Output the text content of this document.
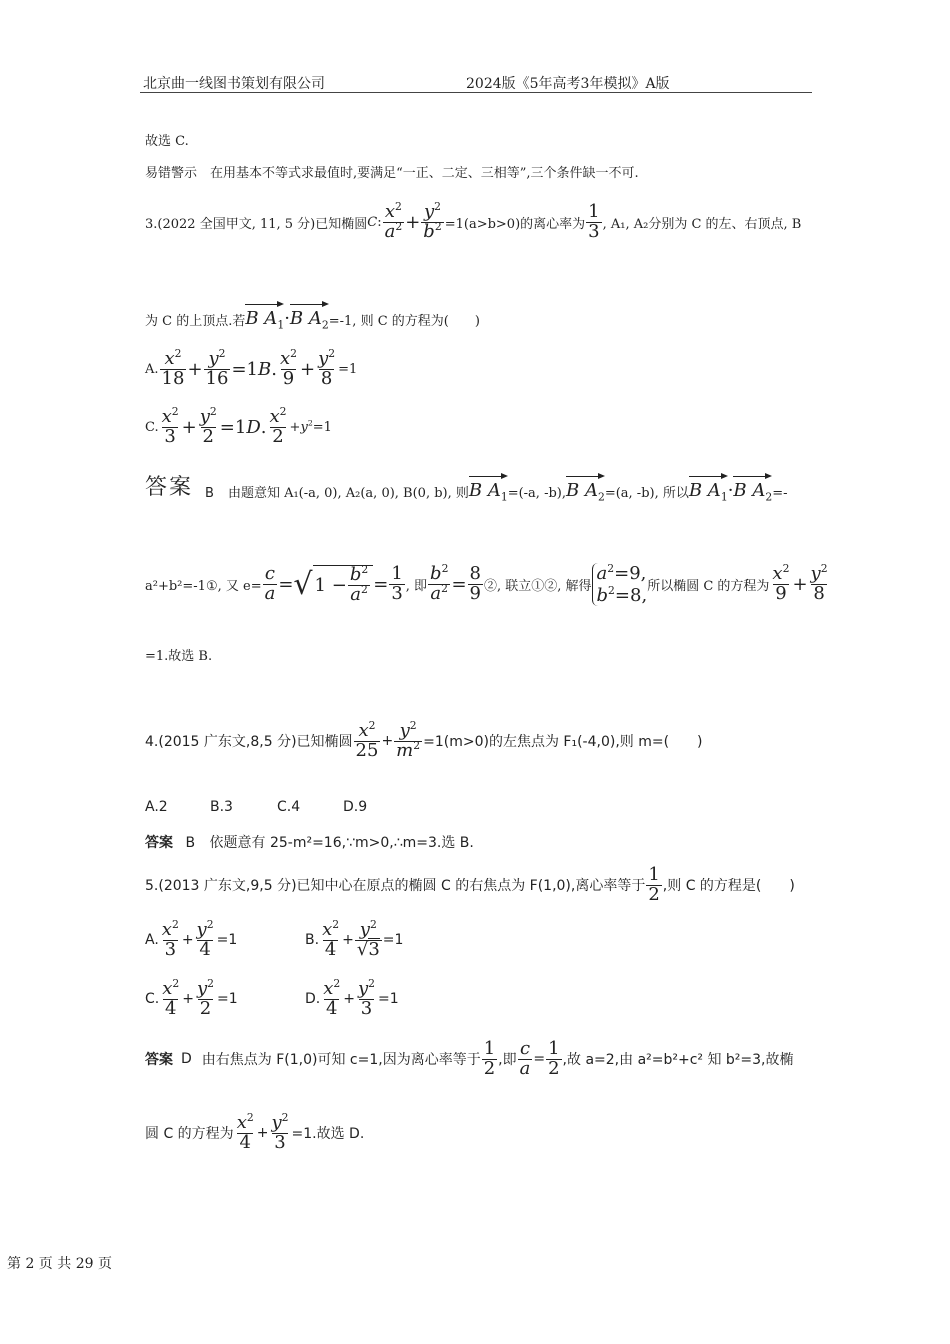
北京曲一线图书策划有限公司	2024版《5年高考3年模拟》A版
故选 C.
易错警示　在用基本不等式求最值时,要满足“一正、二定、三相等”,三个条件缺一不可.
3.(2022 全国甲文, 11, 5 分)已知椭圆 C : $\frac{x^2}{a^2} + \frac{y^2}{b^2} =1(a>b>0)$的离心率为 $\frac{1}{3}$ , A₁, A₂分别为 C 的左、右顶点, B
为 C 的上顶点.若 B $A_1 \cdot B$ $A_2 =-1$, 则 C 的方程为(　　)
A. $\frac{x^2}{18} + \frac{y^2}{16} =1$ B . $\frac{x^2}{9} + \frac{y^2}{8} =1$
C. $\frac{x^2}{3} + \frac{y^2}{2} =1$ D . $\frac{x^2}{2} +y^2=1$
答案 B 由题意知 A₁(-a, 0), A₂(a, 0), B(0, b), 则 B $A_1 =(-a$, -b), B $A_2 =(a$, -b), 所以 B $A_1 \cdot B$ $A_2$ =-
a²+b²=-1①, 又 $e= \frac{c}{a}$ = √ $1 - \frac{b^2}{a^2} = \frac{1}{3}$ , 即 $\frac{b^2}{a^2} = \frac{8}{9}$ ②, 联立①②, 解得
$a^2=9$,
$b^2=8$, 所以椭圆 C 的方程为 $\frac{x^2}{9} + \frac{y^2}{8}$
=1.故选 B.
4.(2015 广东文,8,5 分)已知椭圆 $\frac{x^2}{25} + \frac{y^2}{m^2} =1(m>0)$的左焦点为 F₁(-4,0),则 m=(　　)
A.2	B.3	C.4	D.9
答案 B 依题意有 25-m²=16,∵m>0,∴m=3.选 B.
5.(2013 广东文,9,5 分)已知中心在原点的椭圆 C 的右焦点为 F(1,0),离心率等于 $\frac{1}{2}$ ,则 C 的方程是(　　)
A. $\frac{x^2}{3} + \frac{y^2}{4} =1$	B. $\frac{x^2}{4} + \frac{y^2}{√3} =1$
C. $\frac{x^2}{4} + \frac{y^2}{2} =1$	D. $\frac{x^2}{4} + \frac{y^2}{3} =1$
答案 D 由右焦点为 F(1,0)可知 c=1,因为离心率等于 $\frac{1}{2}$ ,即 $\frac{c}{a} = \frac{1}{2}$ ,故 a=2,由 a²=b²+c² 知 b²=3,故椭
圆 C 的方程为 $\frac{x^2}{4} + \frac{y^2}{3} =1$.故选 D.
第 2 页 共 29 页
